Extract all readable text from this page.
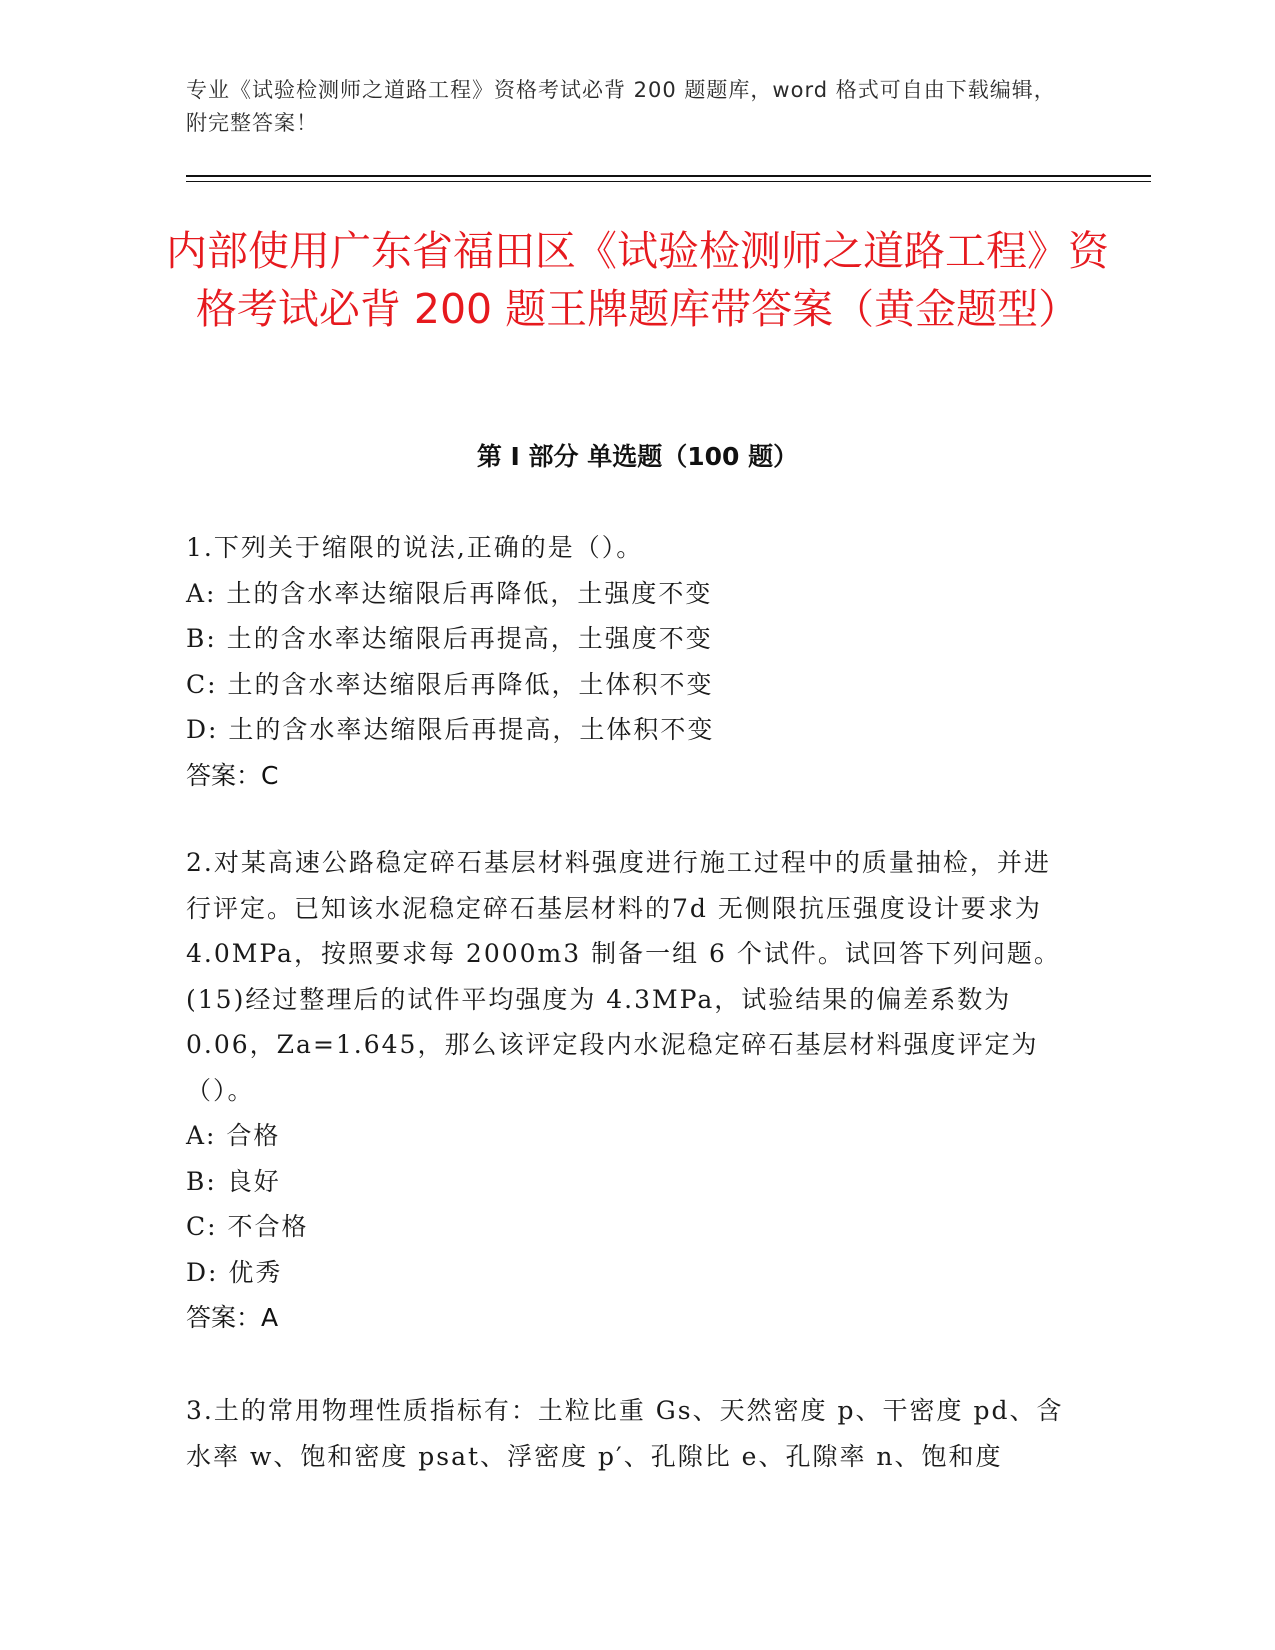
专业《试验检测师之道路工程》资格考试必背 200 题题库，word 格式可自由下载编辑，附完整答案！
内部使用广东省福田区《试验检测师之道路工程》资格考试必背 200 题王牌题库带答案（黄金题型）
第 I 部分 单选题（100 题）
1.下列关于缩限的说法,正确的是（）。
A: 土的含水率达缩限后再降低，土强度不变
B: 土的含水率达缩限后再提高，土强度不变
C: 土的含水率达缩限后再降低，土体积不变
D: 土的含水率达缩限后再提高，土体积不变
答案：C
2.对某高速公路稳定碎石基层材料强度进行施工过程中的质量抽检，并进行评定。已知该水泥稳定碎石基层材料的7d 无侧限抗压强度设计要求为 4.0MPa，按照要求每 2000m3 制备一组 6 个试件。试回答下列问题。(15)经过整理后的试件平均强度为 4.3MPa，试验结果的偏差系数为 0.06，Za=1.645，那么该评定段内水泥稳定碎石基层材料强度评定为（）。
A: 合格
B: 良好
C: 不合格
D: 优秀
答案：A
3.土的常用物理性质指标有：土粒比重 Gs、天然密度 p、干密度 pd、含水率 w、饱和密度 psat、浮密度 p′、孔隙比 e、孔隙率 n、饱和度
